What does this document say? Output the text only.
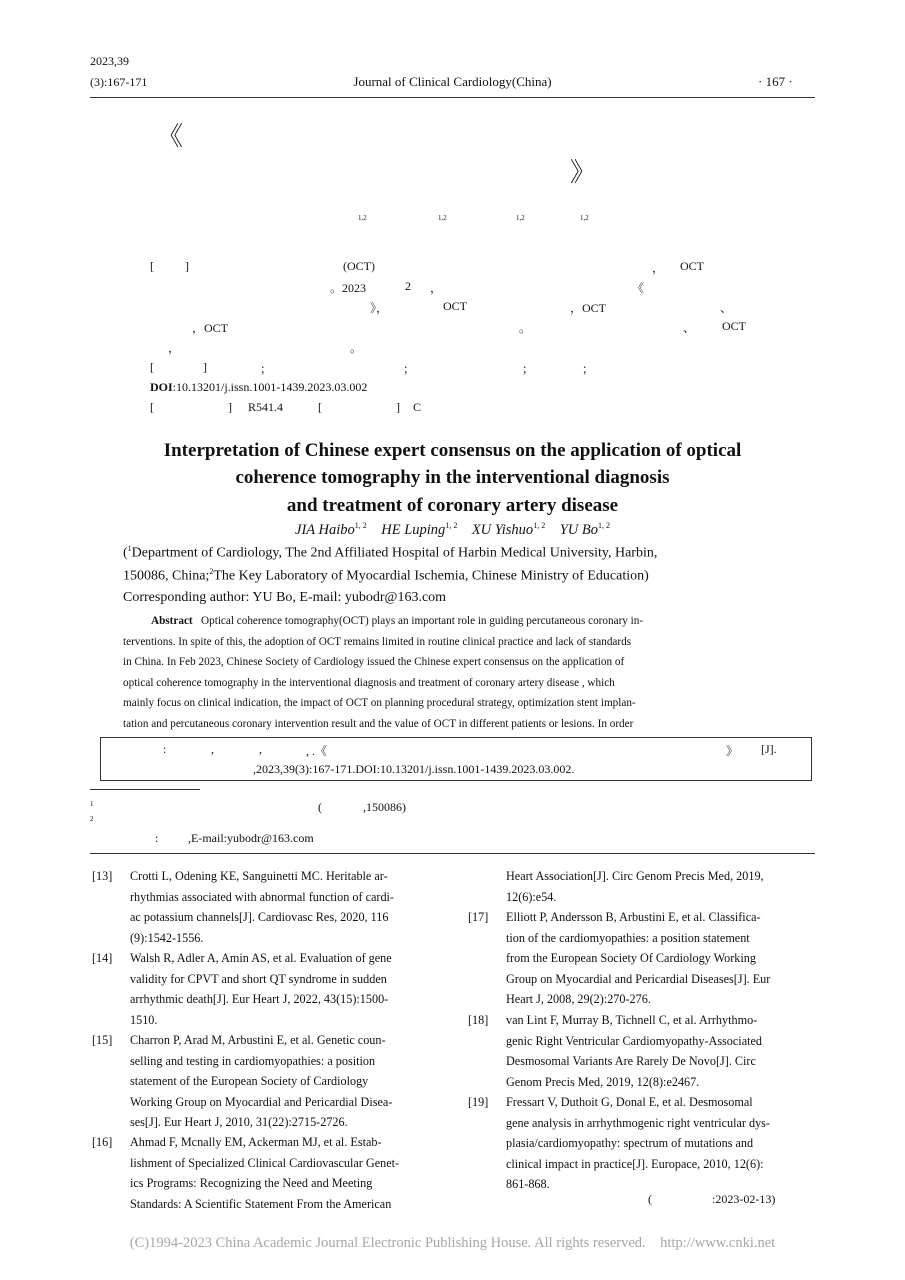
2023,39
(3):167-171	Journal of Clinical Cardiology(China)	· 167 ·
《
》
1,2	1,2	1,2	1,2
[	]	(OCT)	， OCT
。2023	2 ，	《
》，	OCT	，OCT	、
，OCT	。	、 OCT
，	。
[	]	；	；	；	；
DOI:10.13201/j.issn.1001-1439.2023.03.002
[	] R541.4	[	] C
Interpretation of Chinese expert consensus on the application of optical
coherence tomography in the interventional diagnosis
and treatment of coronary artery disease
JIA Haibo$^{1, 2}$ HE Luping$^{1, 2}$ XU Yishuo$^{1, 2}$ YU Bo$^{1, 2}$
($^1$Department of Cardiology, The 2nd Affiliated Hospital of Harbin Medical University, Harbin,
150086, China;$^2$The Key Laboratory of Myocardial Ischemia, Chinese Ministry of Education)
Corresponding author: YU Bo, E-mail: yubodr@163.com
Abstract Optical coherence tomography(OCT) plays an important role in guiding percutaneous coronary in-
terventions. In spite of this, the adoption of OCT remains limited in routine clinical practice and lack of standards
in China. In Feb 2023, Chinese Society of Cardiology issued the Chinese expert consensus on the application of
optical coherence tomography in the interventional diagnosis and treatment of coronary artery disease , which
mainly focus on clinical indication, the impact of OCT on planning procedural strategy, optimization stent implan-
tation and percutaneous coronary intervention result and the value of OCT in different patients or lesions. In order
:	,	,	, .《	》 [J].
,2023,39(3):167-171.DOI:10.13201/j.issn.1001-1439.2023.03.002.
1	(	,150086)
2
: ,E-mail:yubodr@163.com
[13] Crotti L, Odening KE, Sanguinetti MC. Heritable ar-
rhythmias associated with abnormal function of cardi-
ac potassium channels[J]. Cardiovasc Res, 2020, 116
(9):1542-1556.
[14] Walsh R, Adler A, Amin AS, et al. Evaluation of gene
validity for CPVT and short QT syndrome in sudden
arrhythmic death[J]. Eur Heart J, 2022, 43(15):1500-
1510.
[15] Charron P, Arad M, Arbustini E, et al. Genetic coun-
selling and testing in cardiomyopathies: a position
statement of the European Society of Cardiology
Working Group on Myocardial and Pericardial Disea-
ses[J]. Eur Heart J, 2010, 31(22):2715-2726.
[16] Ahmad F, Mcnally EM, Ackerman MJ, et al. Estab-
lishment of Specialized Clinical Cardiovascular Genet-
ics Programs: Recognizing the Need and Meeting
Standards: A Scientific Statement From the American
Heart Association[J]. Circ Genom Precis Med, 2019,
12(6):e54.
[17] Elliott P, Andersson B, Arbustini E, et al. Classifica-
tion of the cardiomyopathies: a position statement
from the European Society Of Cardiology Working
Group on Myocardial and Pericardial Diseases[J]. Eur
Heart J, 2008, 29(2):270-276.
[18] van Lint F, Murray B, Tichnell C, et al. Arrhythmo-
genic Right Ventricular Cardiomyopathy-Associated
Desmosomal Variants Are Rarely De Novo[J]. Circ
Genom Precis Med, 2019, 12(8):e2467.
[19] Fressart V, Duthoit G, Donal E, et al. Desmosomal
gene analysis in arrhythmogenic right ventricular dys-
plasia/cardiomyopathy: spectrum of mutations and
clinical impact in practice[J]. Europace, 2010, 12(6):
861-868.
(	:2023-02-13)
(C)1994-2023 China Academic Journal Electronic Publishing House. All rights reserved.    http://www.cnki.net
